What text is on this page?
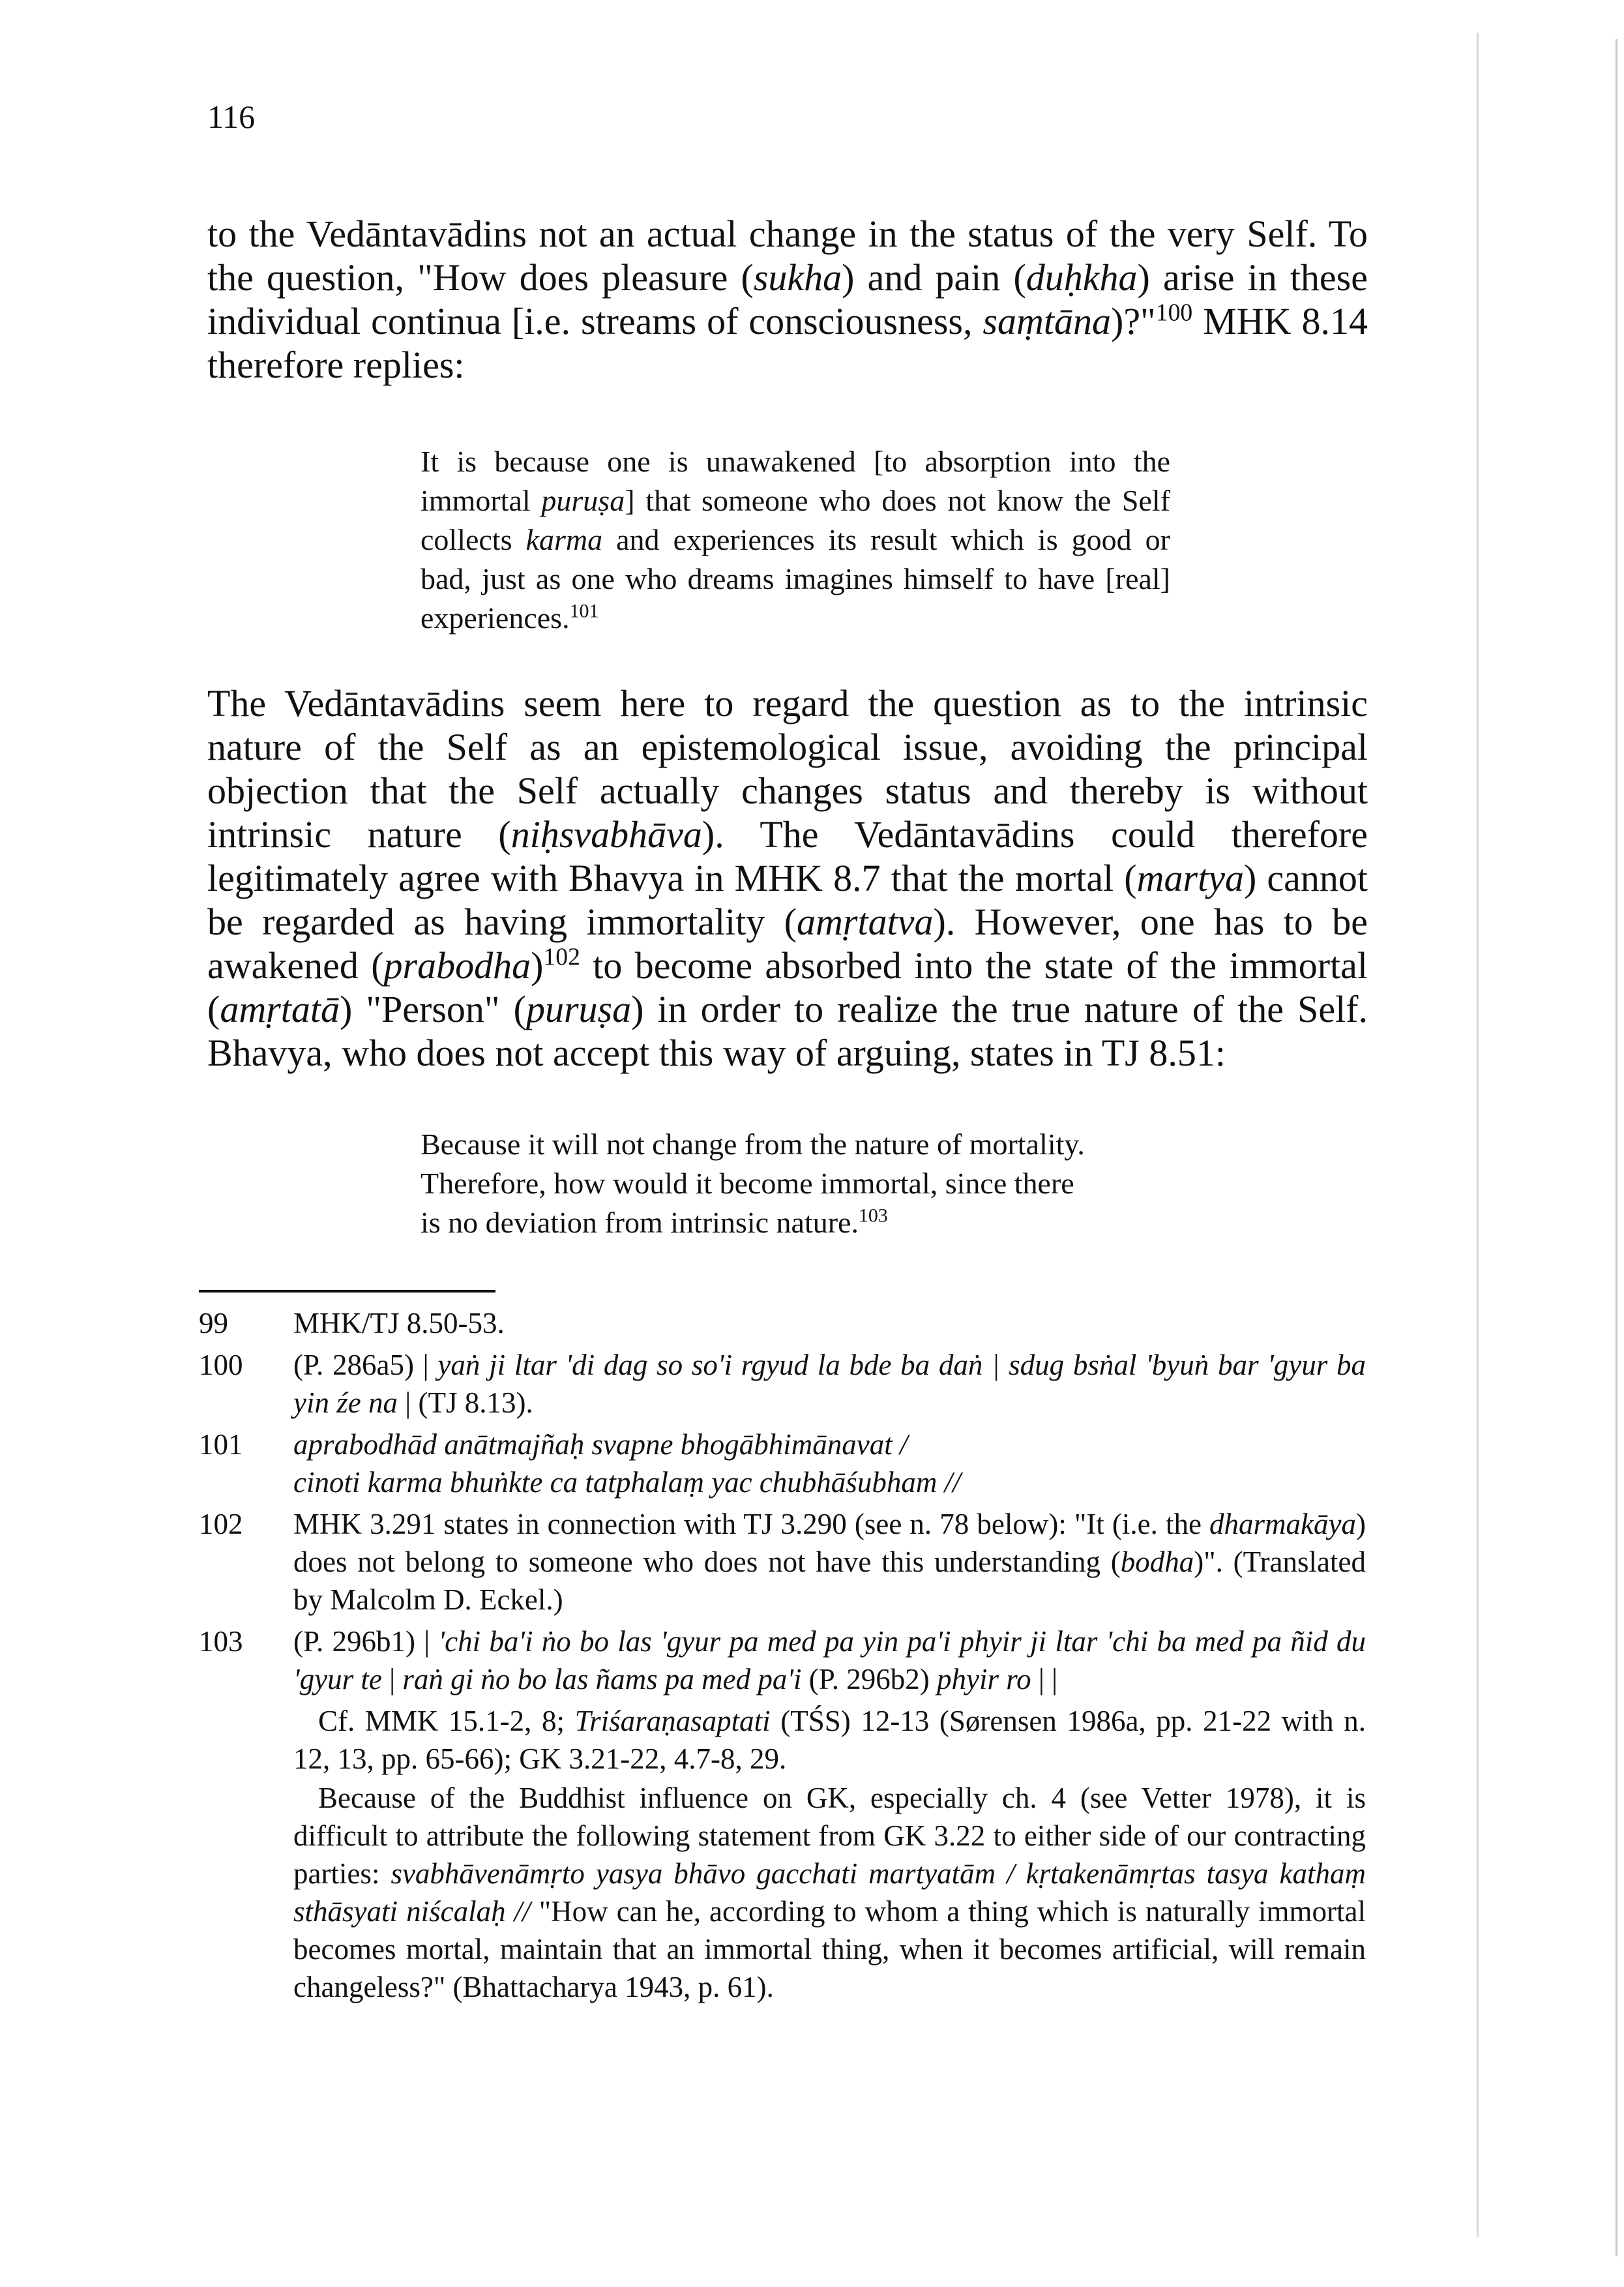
116
to the Vedāntavādins not an actual change in the status of the very Self. To the question, "How does pleasure (sukha) and pain (duḥkha) arise in these individual continua [i.e. streams of consciousness, saṃtāna)?"$^{100}$ MHK 8.14 therefore replies:
It is because one is unawakened [to absorption into the immortal puruṣa] that someone who does not know the Self collects karma and experiences its result which is good or bad, just as one who dreams imagines himself to have [real] experiences.$^{101}$
The Vedāntavādins seem here to regard the question as to the intrinsic nature of the Self as an epistemological issue, avoiding the principal objection that the Self actually changes status and thereby is without intrinsic nature (niḥsvabhāva). The Vedāntavādins could therefore legitimately agree with Bhavya in MHK 8.7 that the mortal (martya) cannot be regarded as having immortality (amṛtatva). However, one has to be awakened (prabodha)$^{102}$ to become absorbed into the state of the immortal (amṛtatā) "Person" (puruṣa) in order to realize the true nature of the Self. Bhavya, who does not accept this way of arguing, states in TJ 8.51:
Because it will not change from the nature of mortality.
Therefore, how would it become immortal, since there
is no deviation from intrinsic nature.$^{103}$
99 MHK/TJ 8.50-53.
100 (P. 286a5) | yaṅ ji ltar 'di dag so so'i rgyud la bde ba daṅ | sdug bsṅal 'byuṅ bar 'gyur ba yin źe na | (TJ 8.13).
101 aprabodhād anātmajñaḥ svapne bhogābhimānavat /
cinoti karma bhuṅkte ca tatphalaṃ yac chubhāśubham //
102 MHK 3.291 states in connection with TJ 3.290 (see n. 78 below): "It (i.e. the dharmakāya) does not belong to someone who does not have this understanding (bodha)". (Translated by Malcolm D. Eckel.)
103 (P. 296b1) | 'chi ba'i ṅo bo las 'gyur pa med pa yin pa'i phyir ji ltar 'chi ba med pa ñid du 'gyur te | raṅ gi ṅo bo las ñams pa med pa'i (P. 296b2) phyir ro | |
Cf. MMK 15.1-2, 8; Triśaraṇasaptati (TŚS) 12-13 (Sørensen 1986a, pp. 21-22 with n. 12, 13, pp. 65-66); GK 3.21-22, 4.7-8, 29.
Because of the Buddhist influence on GK, especially ch. 4 (see Vetter 1978), it is difficult to attribute the following statement from GK 3.22 to either side of our contracting parties: svabhāvenāmṛto yasya bhāvo gacchati martyatām / kṛtakenāmṛtas tasya kathaṃ sthāsyati niścalaḥ // "How can he, according to whom a thing which is naturally immortal becomes mortal, maintain that an immortal thing, when it becomes artificial, will remain changeless?" (Bhattacharya 1943, p. 61).
